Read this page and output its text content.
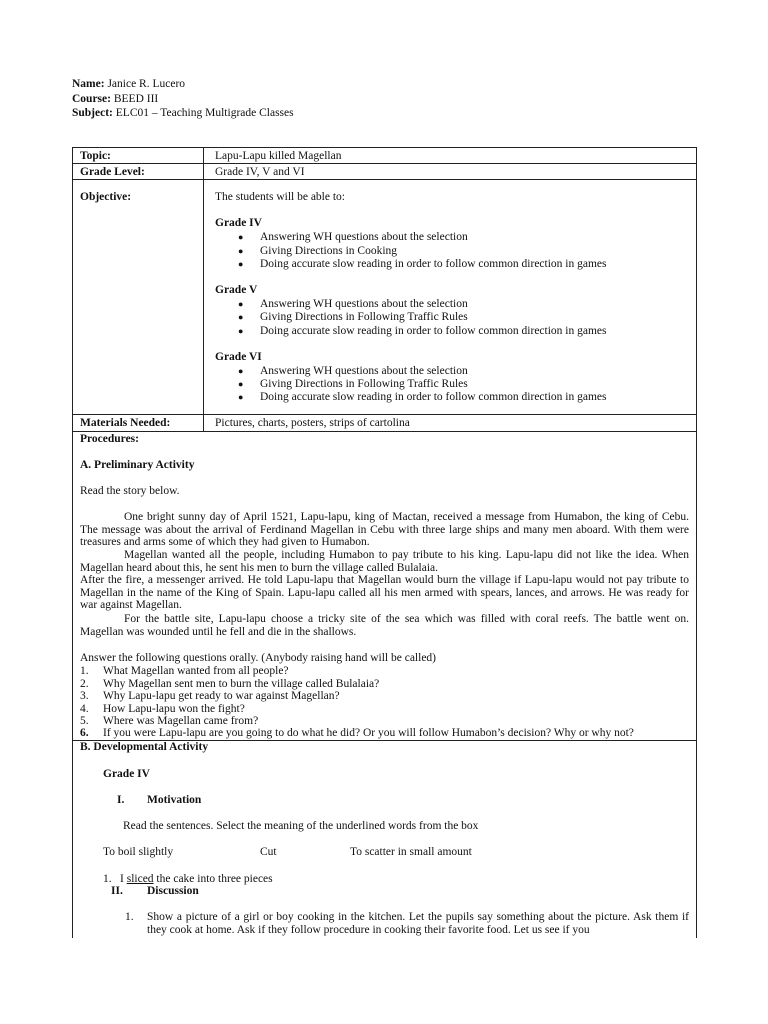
Name: Janice R. Lucero
Course: BEED III
Subject: ELC01 – Teaching Multigrade Classes
Topic:	Lapu-Lapu killed Magellan
Grade Level:	Grade IV, V and VI
Objective:	The students will be able to:
Grade IV
● Answering WH questions about the selection
● Giving Directions in Cooking
● Doing accurate slow reading in order to follow common direction in games
Grade V
● Answering WH questions about the selection
● Giving Directions in Following Traffic Rules
● Doing accurate slow reading in order to follow common direction in games
Grade VI
● Answering WH questions about the selection
● Giving Directions in Following Traffic Rules
● Doing accurate slow reading in order to follow common direction in games
Materials Needed:	Pictures, charts, posters, strips of cartolina
Procedures:
A. Preliminary Activity
Read the story below.
One bright sunny day of April 1521, Lapu-lapu, king of Mactan, received a message from Humabon, the king of Cebu. The message was about the arrival of Ferdinand Magellan in Cebu with three large ships and many men aboard. With them were treasures and arms some of which they had given to Humabon.
Magellan wanted all the people, including Humabon to pay tribute to his king. Lapu-lapu did not like the idea. When Magellan heard about this, he sent his men to burn the village called Bulalaia.
After the fire, a messenger arrived. He told Lapu-lapu that Magellan would burn the village if Lapu-lapu would not pay tribute to Magellan in the name of the King of Spain. Lapu-lapu called all his men armed with spears, lances, and arrows. He was ready for war against Magellan.
For the battle site, Lapu-lapu choose a tricky site of the sea which was filled with coral reefs. The battle went on. Magellan was wounded until he fell and die in the shallows.
Answer the following questions orally. (Anybody raising hand will be called)
1. What Magellan wanted from all people?
2. Why Magellan sent men to burn the village called Bulalaia?
3. Why Lapu-lapu get ready to war against Magellan?
4. How Lapu-lapu won the fight?
5. Where was Magellan came from?
6. If you were Lapu-lapu are you going to do what he did? Or you will follow Humabon’s decision? Why or why not?
B. Developmental Activity
Grade IV
I. Motivation
Read the sentences. Select the meaning of the underlined words from the box
To boil slightly	Cut	To scatter in small amount
1. I sliced the cake into three pieces
II. Discussion
1. Show a picture of a girl or boy cooking in the kitchen. Let the pupils say something about the picture. Ask them if they cook at home. Ask if they follow procedure in cooking their favorite food. Let us see if you
